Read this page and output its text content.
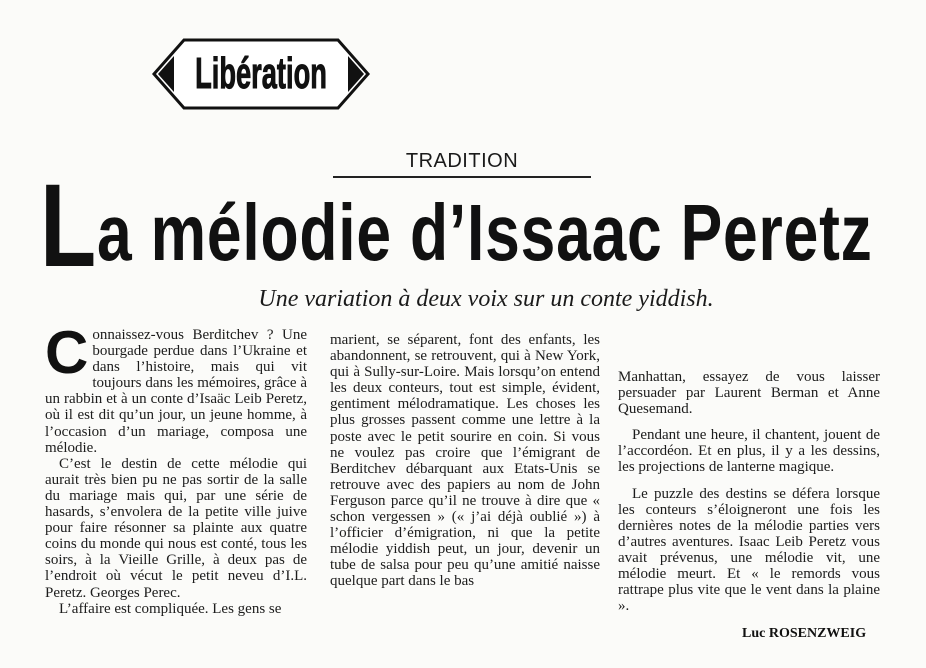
Libération
TRADITION
La mélodie d’Issaac Peretz
Une variation à deux voix sur un conte yiddish.

Connaissez-vous Berditchev ? Une bourgade perdue dans l’Ukraine et dans l’histoire, mais qui vit toujours dans les mémoires, grâce à un rabbin et à un conte d’Isaäc Leib Peretz, où il est dit qu’un jour, un jeune homme, à l’occasion d’un mariage, composa une mélodie.

C’est le destin de cette mélodie qui aurait très bien pu ne pas sortir de la salle du mariage mais qui, par une série de hasards, s’envolera de la petite ville juive pour faire résonner sa plainte aux quatre coins du monde qui nous est conté, tous les soirs, à la Vieille Grille, à deux pas de l’endroit où vécut le petit neveu d’I.L. Peretz. Georges Perec.

L’affaire est compliquée. Les gens se

marient, se séparent, font des enfants, les abandonnent, se retrouvent, qui à New York, qui à Sully-sur-Loire. Mais lorsqu’on entend les deux conteurs, tout est simple, évident, gentiment mélodramatique. Les choses les plus grosses passent comme une lettre à la poste avec le petit sourire en coin. Si vous ne voulez pas croire que l’émigrant de Berditchev débarquant aux Etats-Unis se retrouve avec des papiers au nom de John Ferguson parce qu’il ne trouve à dire que « schon vergessen » (« j’ai déjà oublié ») à l’officier d’émigration, ni que la petite mélodie yiddish peut, un jour, devenir un tube de salsa pour peu qu’une amitié naisse quelque part dans le bas

Manhattan, essayez de vous laisser persuader par Laurent Berman et Anne Quesemand.

Pendant une heure, il chantent, jouent de l’accordéon. Et en plus, il y a les dessins, les projections de lanterne magique.

Le puzzle des destins se défera lorsque les conteurs s’éloigneront une fois les dernières notes de la mélodie parties vers d’autres aventures. Isaac Leib Peretz vous avait prévenus, une mélodie vit, une mélodie meurt. Et « le remords vous rattrape plus vite que le vent dans la plaine ».

Luc ROSENZWEIG
